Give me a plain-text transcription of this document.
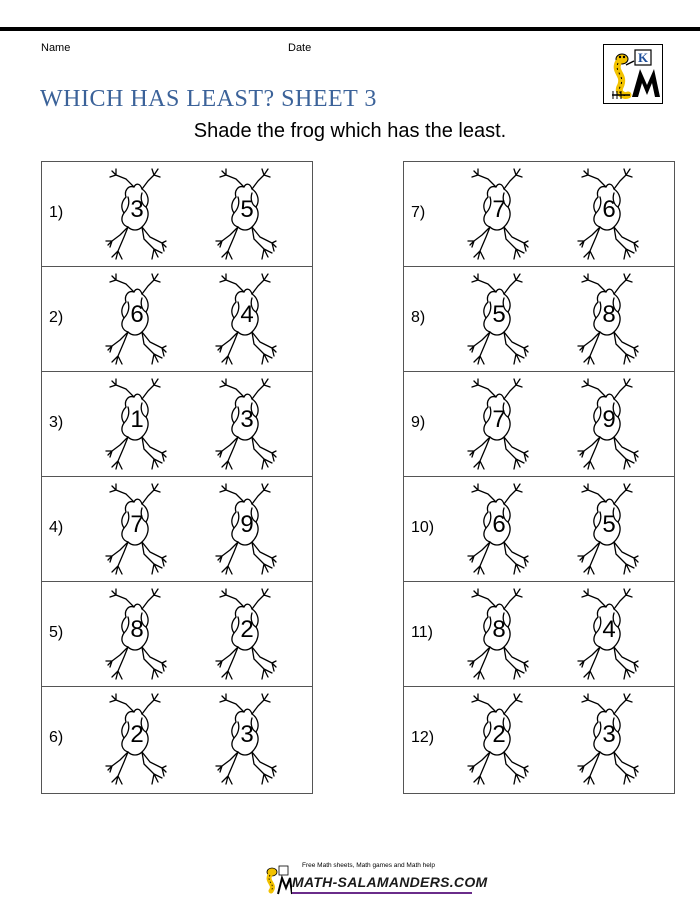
Name	Date
K
WHICH HAS LEAST? SHEET 3
Shade the frog which has the least.
1)	3	5
2)	6	4
3)	1	3
4)	7	9
5)	8	2
6)	2	3
7)	7	6
8)	5	8
9)	7	9
10)	6	5
11)	8	4
12)	2	3
Free Math sheets, Math games and Math help
MATH-SALAMANDERS.COM
